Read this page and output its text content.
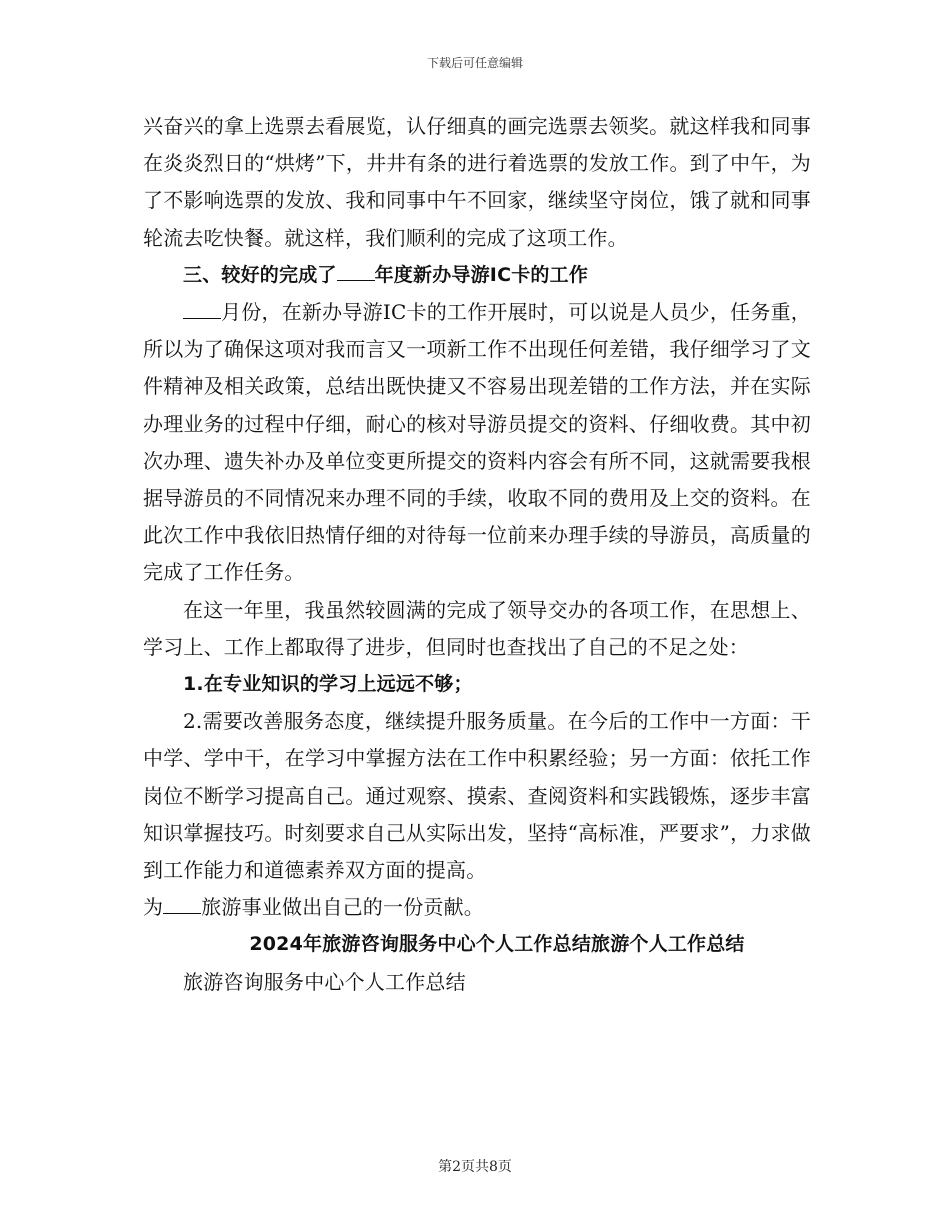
下载后可任意编辑

兴奋兴的拿上选票去看展览，认仔细真的画完选票去领奖。就这样我和同事在炎炎烈日的“烘烤”下，井井有条的进行着选票的发放工作。到了中午，为了不影响选票的发放、我和同事中午不回家，继续坚守岗位，饿了就和同事轮流去吃快餐。就这样，我们顺利的完成了这项工作。

三、较好的完成了 年度新办导游IC卡的工作

月份，在新办导游IC卡的工作开展时，可以说是人员少，任务重，所以为了确保这项对我而言又一项新工作不出现任何差错，我仔细学习了文件精神及相关政策，总结出既快捷又不容易出现差错的工作方法，并在实际办理业务的过程中仔细，耐心的核对导游员提交的资料、仔细收费。其中初次办理、遗失补办及单位变更所提交的资料内容会有所不同，这就需要我根据导游员的不同情况来办理不同的手续，收取不同的费用及上交的资料。在此次工作中我依旧热情仔细的对待每一位前来办理手续的导游员，高质量的完成了工作任务。

在这一年里，我虽然较圆满的完成了领导交办的各项工作，在思想上、学习上、工作上都取得了进步，但同时也查找出了自己的不足之处：

1.在专业知识的学习上远远不够；

2.需要改善服务态度，继续提升服务质量。在今后的工作中一方面：干中学、学中干，在学习中掌握方法在工作中积累经验；另一方面：依托工作岗位不断学习提高自己。通过观察、摸索、查阅资料和实践锻炼，逐步丰富知识掌握技巧。时刻要求自己从实际出发，坚持“高标准，严要求”，力求做到工作能力和道德素养双方面的提高。

为 旅游事业做出自己的一份贡献。

2024年旅游咨询服务中心个人工作总结旅游个人工作总结

旅游咨询服务中心个人工作总结

第2页共8页
